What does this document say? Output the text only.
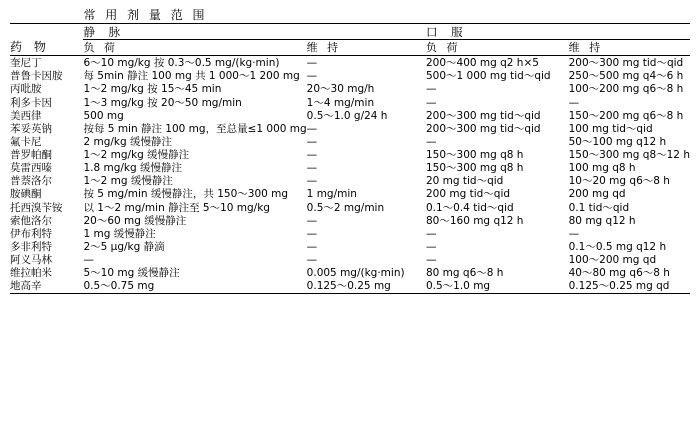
	常 用 剂 量 范 围			

药 物	静 脉		口 服	

	负 荷	维 持	负 荷	维 持

奎尼丁	6～10 mg/kg 按 0.3～0.5 mg/(kg·min)	—	200～400 mg q2 h×5	200～300 mg tid～qid
普鲁卡因胺	每 5min 静注 100 mg 共 1 000～1 200 mg	—	500～1 000 mg tid～qid	250～500 mg q4～6 h
丙吡胺	1～2 mg/kg 按 15～45 min	20～30 mg/h	—	100～200 mg q6～8 h
利多卡因	1～3 mg/kg 按 20～50 mg/min	1～4 mg/min	—	—
美西律	500 mg	0.5～1.0 g/24 h	200～300 mg tid～qid	150～200 mg q6～8 h
苯妥英钠	按每 5 min 静注 100 mg，至总量≤1 000 mg	—	200～300 mg tid～qid	100 mg tid～qid
氟卡尼	2 mg/kg 缓慢静注	—	—	50～100 mg q12 h
普罗帕酮	1～2 mg/kg 缓慢静注	—	150～300 mg q8 h	150～300 mg q8～12 h
莫雷西嗪	1.8 mg/kg 缓慢静注	—	150～300 mg q8 h	100 mg q8 h
普萘洛尔	1～2 mg 缓慢静注	—	20 mg tid～qid	10～20 mg q6～8 h
胺碘酮	按 5 mg/min 缓慢静注，共 150～300 mg	1 mg/min	200 mg tid～qid	200 mg qd
托西溴苄铵	以 1～2 mg/min 静注至 5～10 mg/kg	0.5～2 mg/min	0.1～0.4 tid～qid	0.1 tid～qid
索他洛尔	20～60 mg 缓慢静注	—	80～160 mg q12 h	80 mg q12 h
伊布利特	1 mg 缓慢静注	—	—	—
多非利特	2～5 μg/kg 静滴	—	—	0.1～0.5 mg q12 h
阿义马林	—	—	—	100～200 mg qd
维拉帕米	5～10 mg 缓慢静注	0.005 mg/(kg·min)	80 mg q6～8 h	40～80 mg q6～8 h
地高辛	0.5～0.75 mg	0.125～0.25 mg	0.5～1.0 mg	0.125～0.25 mg qd
